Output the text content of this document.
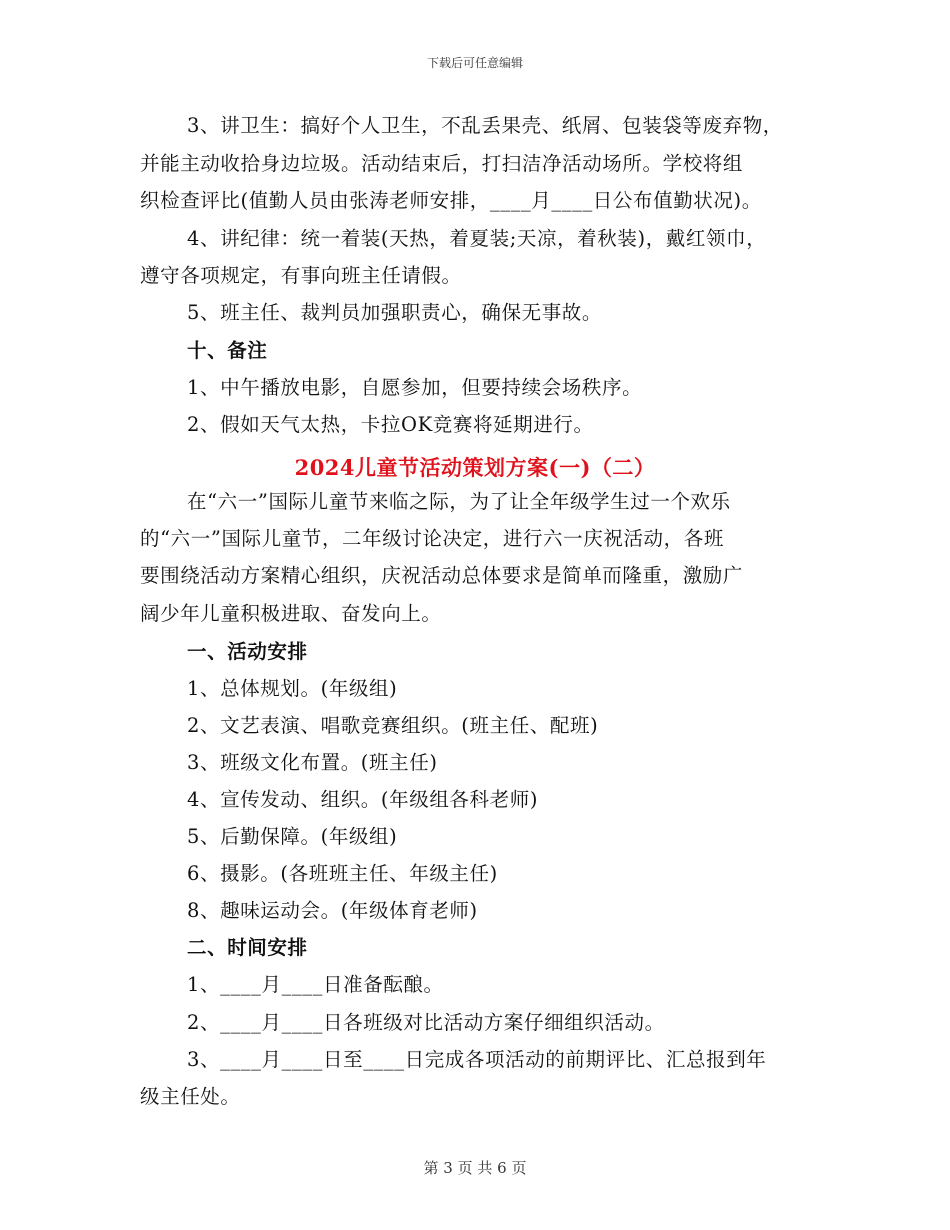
下载后可任意编辑
3、讲卫生：搞好个人卫生，不乱丢果壳、纸屑、包装袋等废弃物，
并能主动收拾身边垃圾。活动结束后，打扫洁净活动场所。学校将组
织检查评比(值勤人员由张涛老师安排，____月____日公布值勤状况)。
4、讲纪律：统一着装(天热，着夏装;天凉，着秋装)，戴红领巾，
遵守各项规定，有事向班主任请假。
5、班主任、裁判员加强职责心，确保无事故。
十、备注
1、中午播放电影，自愿参加，但要持续会场秩序。
2、假如天气太热，卡拉OK竞赛将延期进行。
2024儿童节活动策划方案(一)（二）
在“六一”国际儿童节来临之际，为了让全年级学生过一个欢乐
的“六一”国际儿童节，二年级讨论决定，进行六一庆祝活动，各班
要围绕活动方案精心组织，庆祝活动总体要求是简单而隆重，激励广
阔少年儿童积极进取、奋发向上。
一、活动安排
1、总体规划。(年级组)
2、文艺表演、唱歌竞赛组织。(班主任、配班)
3、班级文化布置。(班主任)
4、宣传发动、组织。(年级组各科老师)
5、后勤保障。(年级组)
6、摄影。(各班班主任、年级主任)
8、趣味运动会。(年级体育老师)
二、时间安排
1、____月____日准备酝酿。
2、____月____日各班级对比活动方案仔细组织活动。
3、____月____日至____日完成各项活动的前期评比、汇总报到年
级主任处。
第 3 页 共 6 页
